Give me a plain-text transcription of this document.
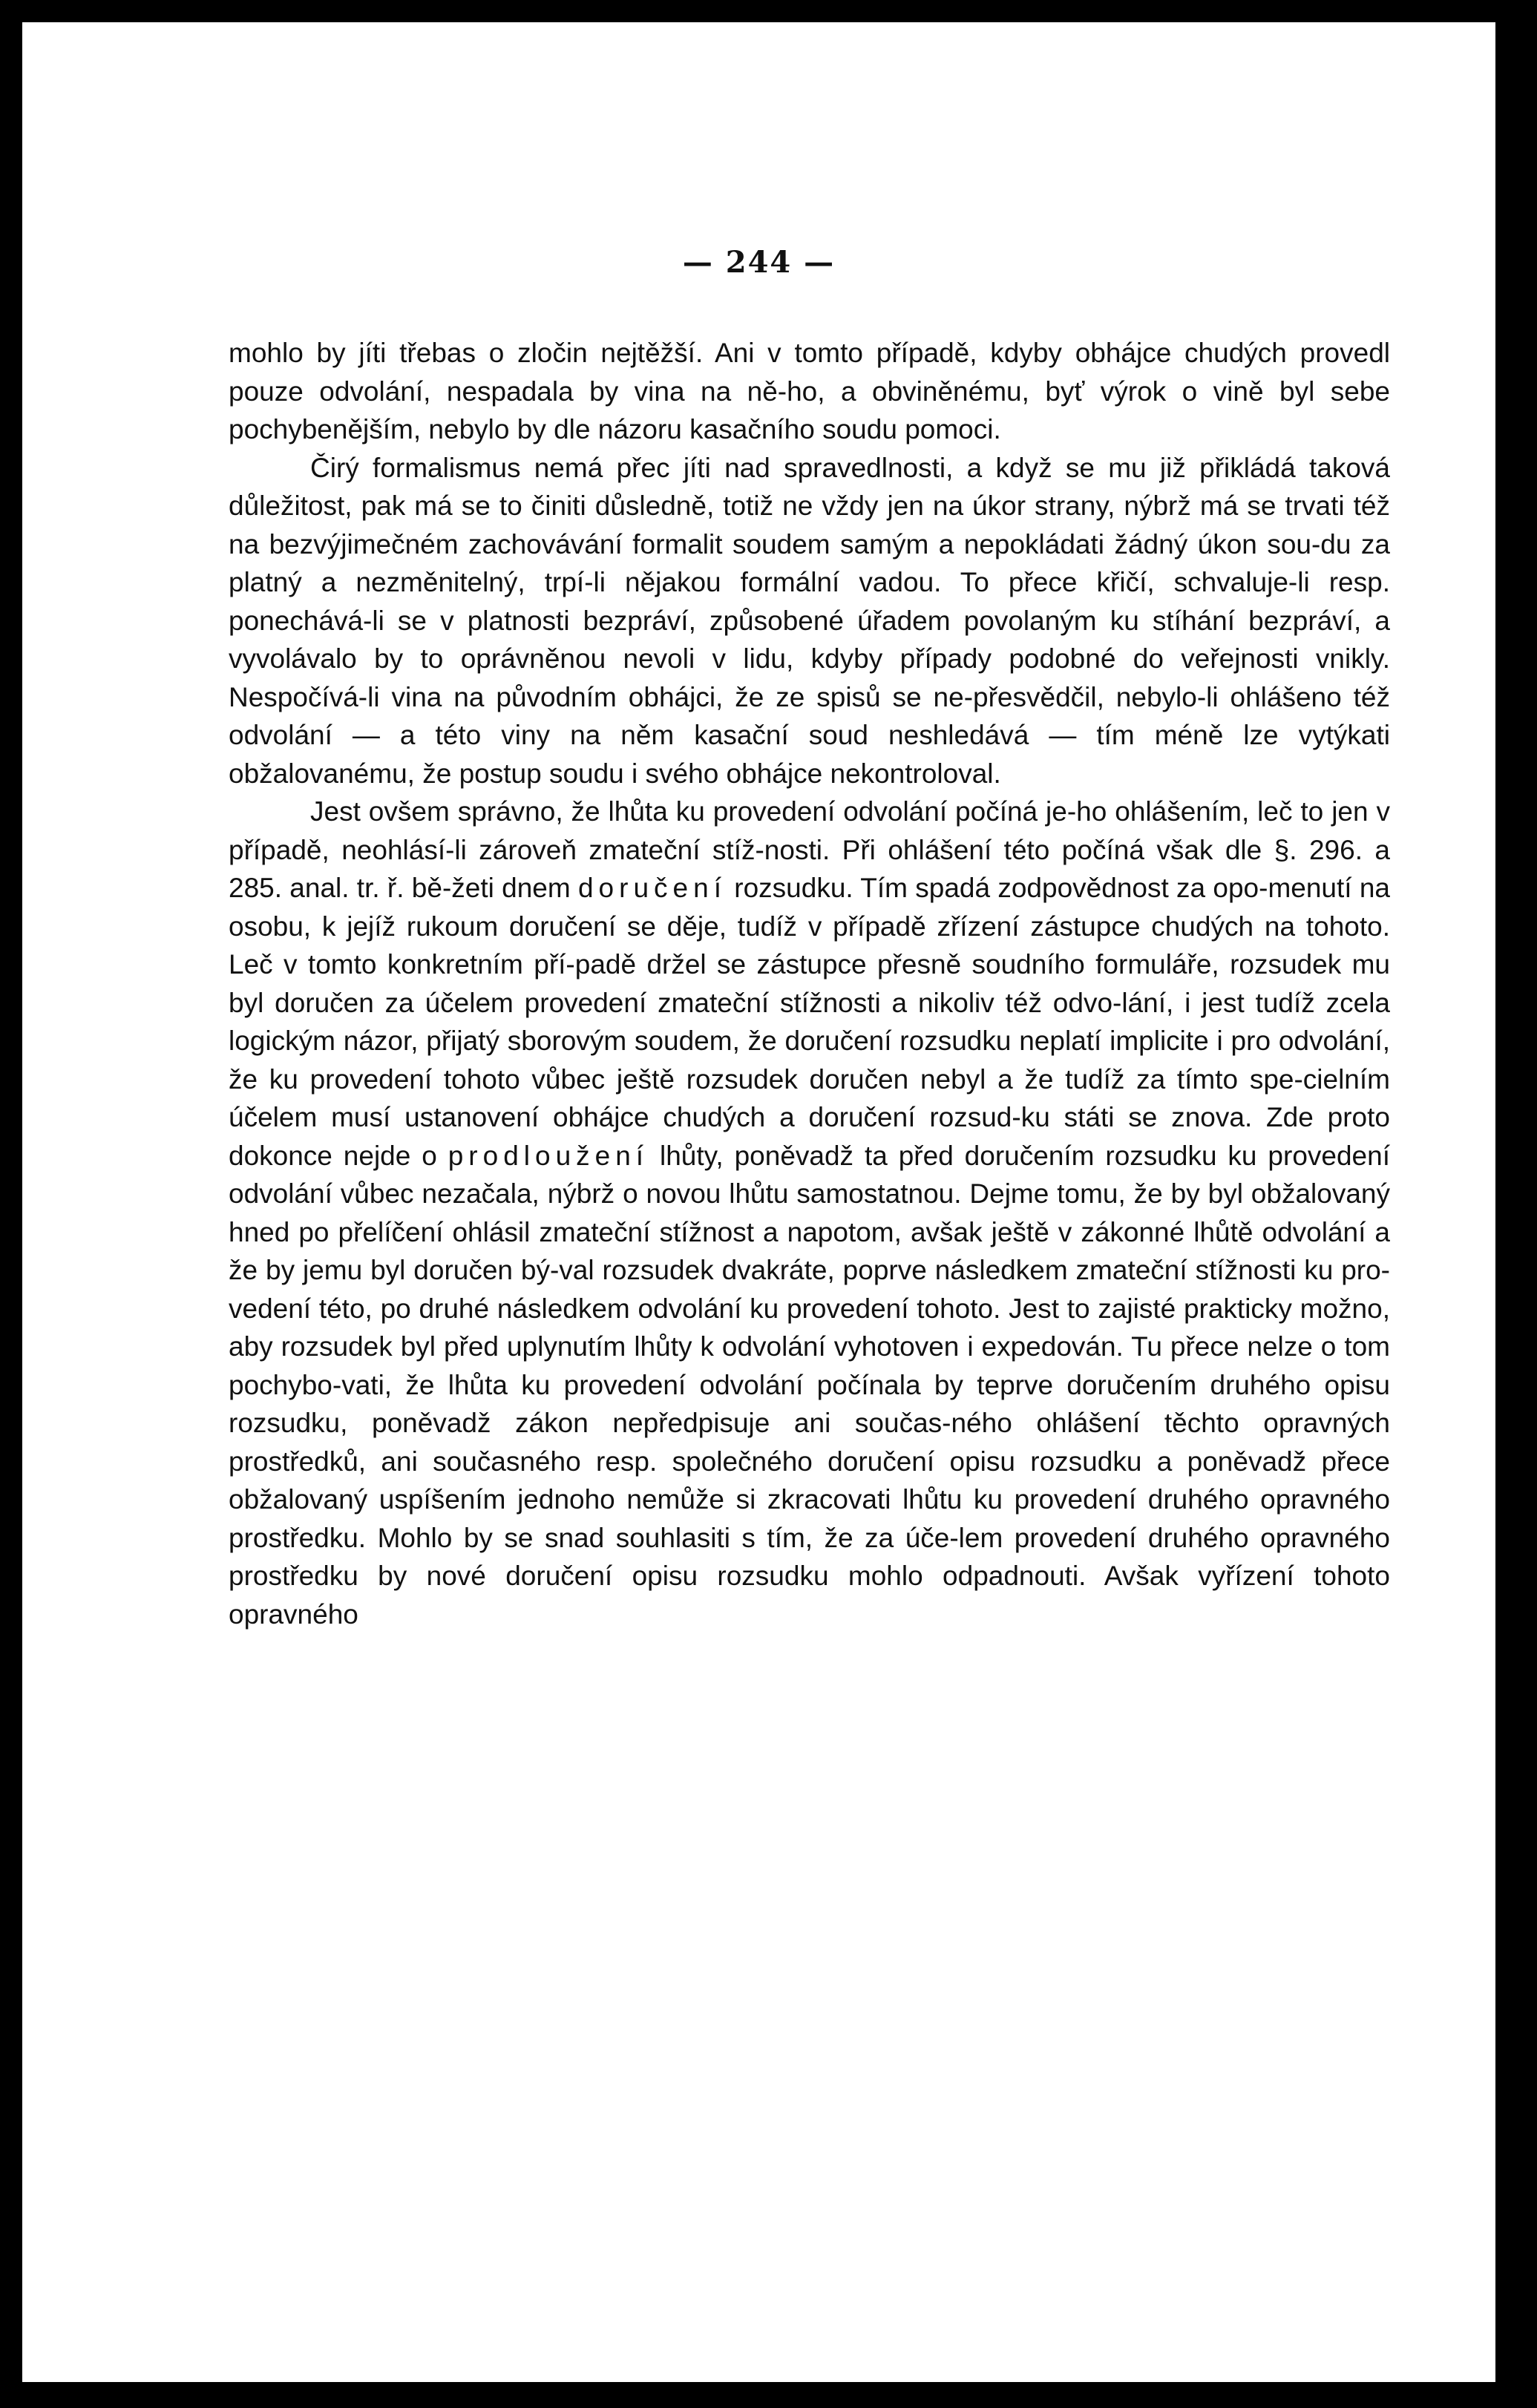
— 244 —

mohlo by jíti třebas o zločin nejtěžší. Ani v tomto případě, kdyby obhájce chudých provedl pouze odvolání, nespadala by vina na ně-ho, a obviněnému, byť výrok o vině byl sebe pochybenějším, nebylo by dle názoru kasačního soudu pomoci.

Čirý formalismus nemá přec jíti nad spravedlnosti, a když se mu již přikládá taková důležitost, pak má se to činiti důsledně, totiž ne vždy jen na úkor strany, nýbrž má se trvati též na bezvýjimečném zachovávání formalit soudem samým a nepokládati žádný úkon sou-du za platný a nezměnitelný, trpí-li nějakou formální vadou. To přece křičí, schvaluje-li resp. ponechává-li se v platnosti bezpráví, způsobené úřadem povolaným ku stíhání bezpráví, a vyvolávalo by to oprávněnou nevoli v lidu, kdyby případy podobné do veřejnosti vnikly. Nespočívá-li vina na původním obhájci, že ze spisů se ne-přesvědčil, nebylo-li ohlášeno též odvolání — a této viny na něm kasační soud neshledává — tím méně lze vytýkati obžalovanému, že postup soudu i svého obhájce nekontroloval.

Jest ovšem správno, že lhůta ku provedení odvolání počíná je-ho ohlášením, leč to jen v případě, neohlásí-li zároveň zmateční stíž-nosti. Při ohlášení této počíná však dle §. 296. a 285. anal. tr. ř. bě-žeti dnem doručení rozsudku. Tím spadá zodpovědnost za opo-menutí na osobu, k jejíž rukoum doručení se děje, tudíž v případě zřízení zástupce chudých na tohoto. Leč v tomto konkretním pří-padě držel se zástupce přesně soudního formuláře, rozsudek mu byl doručen za účelem provedení zmateční stížnosti a nikoliv též odvo-lání, i jest tudíž zcela logickým názor, přijatý sborovým soudem, že doručení rozsudku neplatí implicite i pro odvolání, že ku provedení tohoto vůbec ještě rozsudek doručen nebyl a že tudíž za tímto spe-cielním účelem musí ustanovení obhájce chudých a doručení rozsud-ku státi se znova. Zde proto dokonce nejde o prodloužení lhůty, poněvadž ta před doručením rozsudku ku provedení odvolání vůbec nezačala, nýbrž o novou lhůtu samostatnou. Dejme tomu, že by byl obžalovaný hned po přelíčení ohlásil zmateční stížnost a napotom, avšak ještě v zákonné lhůtě odvolání a že by jemu byl doručen bý-val rozsudek dvakráte, poprve následkem zmateční stížnosti ku pro-vedení této, po druhé následkem odvolání ku provedení tohoto. Jest to zajisté prakticky možno, aby rozsudek byl před uplynutím lhůty k odvolání vyhotoven i expedován. Tu přece nelze o tom pochybo-vati, že lhůta ku provedení odvolání počínala by teprve doručením druhého opisu rozsudku, poněvadž zákon nepředpisuje ani součas-ného ohlášení těchto opravných prostředků, ani současného resp. společného doručení opisu rozsudku a poněvadž přece obžalovaný uspíšením jednoho nemůže si zkracovati lhůtu ku provedení druhého opravného prostředku. Mohlo by se snad souhlasiti s tím, že za úče-lem provedení druhého opravného prostředku by nové doručení opisu rozsudku mohlo odpadnouti. Avšak vyřízení tohoto opravného
